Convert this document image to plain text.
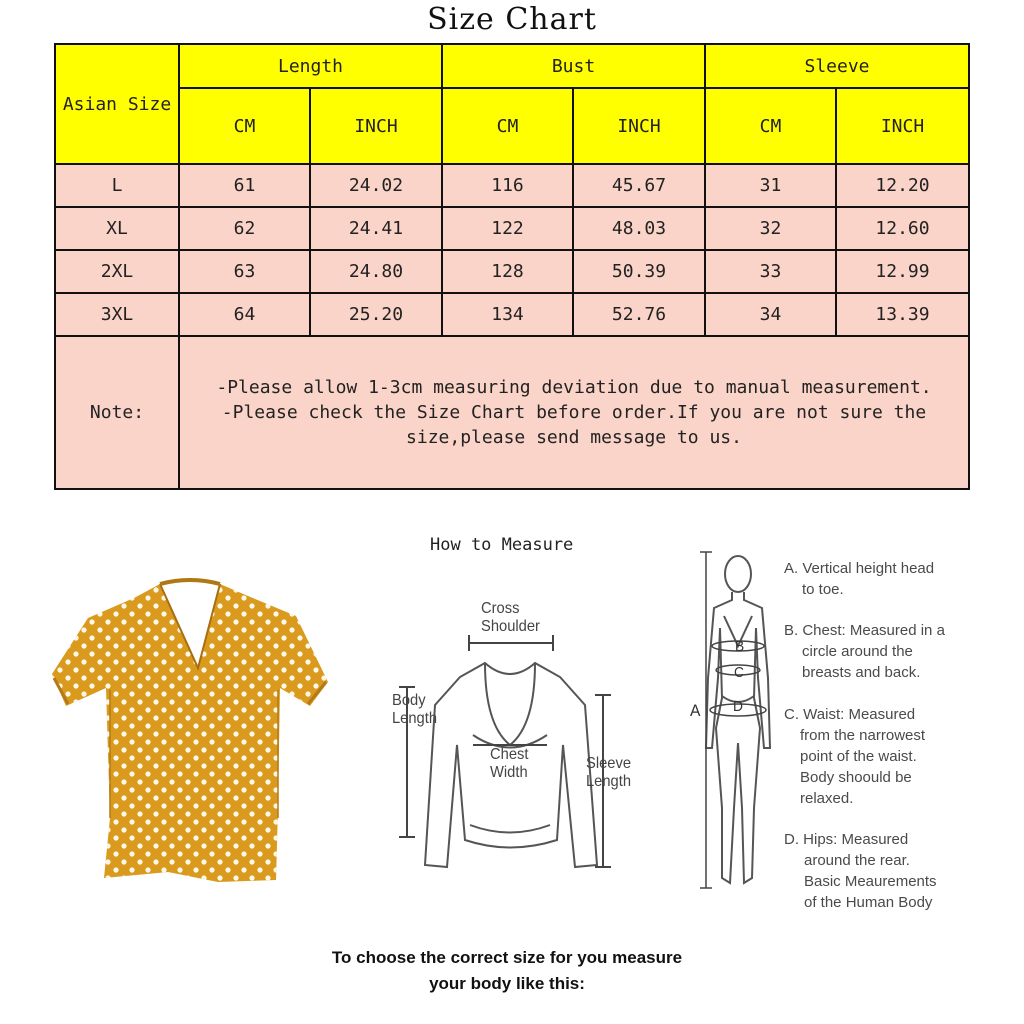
Size Chart
Asian Size	Length		Bust		Sleeve	
	CM	INCH	CM	INCH	CM	INCH
L	61	24.02	116	45.67	31	12.20
XL	62	24.41	122	48.03	32	12.60
2XL	63	24.80	128	50.39	33	12.99
3XL	64	25.20	134	52.76	34	13.39
Note:	-Please allow 1-3cm measuring deviation due to manual measurement.
-Please check the Size Chart before order.If you are not sure the
size,please send message to us.					
How to Measure
Cross
Shoulder
Body
Length
Chest
Width
Sleeve
Length
A
B
C
D
A. Vertical height head
to toe.
B. Chest: Measured in a
circle around the
breasts and back.
C. Waist: Measured
from the narrowest
point of the waist.
Body shoould be
relaxed.
D. Hips: Measured
around the rear.
Basic Meaurements
of the Human Body
To choose the correct size for you measure
your body like this:
